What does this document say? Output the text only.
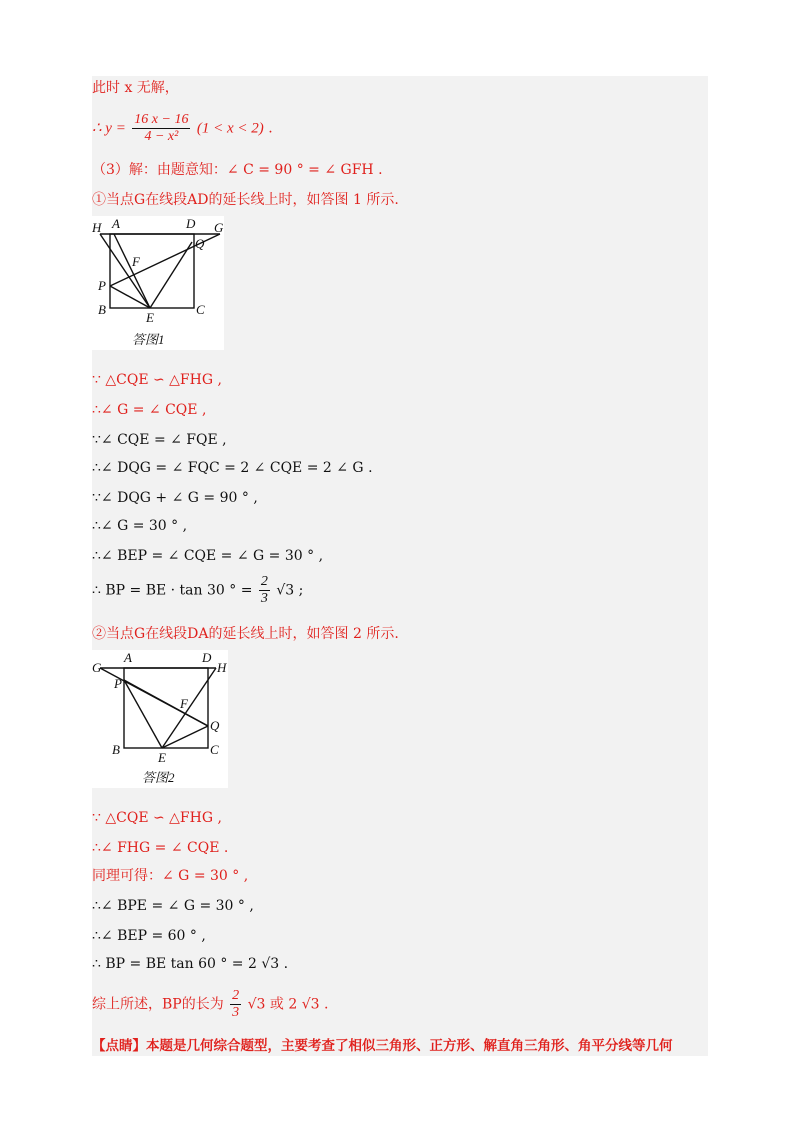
此时 x 无解，
∴ $y = \frac{16 x - 16}{\text{4 − x²}} (1 < x < 2)$ .
（3）解：由题意知：∠ C = 90 ° = ∠ GFH .
①当点G在线段AD的延长线上时，如答图 1 所示.
H A	D G
Q
F
P
B
E
C
答图1
∵ △CQE ∽ △FHG ,
∴∠ G = ∠ CQE ,
∵∠ CQE = ∠ FQE ,
∴∠ DQG = ∠ FQC = 2 ∠ CQE = 2 ∠ G .
∵∠ DQG + ∠ G = 90 ° ,
∴∠ G = 30 ° ,
∴∠ BEP = ∠ CQE = ∠ G = 30 ° ,
∴ BP = BE · tan 30 ° = $\frac{2}{3} √3$ ;
②当点G在线段DA的延长线上时，如答图 2 所示.
G
A	D
H
P
F
Q
B
E
C
答图2
∵ △CQE ∽ △FHG ,
∴∠ FHG = ∠ CQE .
同理可得：∠ G = 30 ° ,
∴∠ BPE = ∠ G = 30 ° ,
∴∠ BEP = 60 ° ,
∴ BP = BE tan 60 ° = 2 √3 .
综上所述，BP的长为 $\frac{2}{3} √3$ 或 2 √3 .
【点睛】本题是几何综合题型，主要考查了相似三角形、正方形、解直角三角形、角平分线等几何
